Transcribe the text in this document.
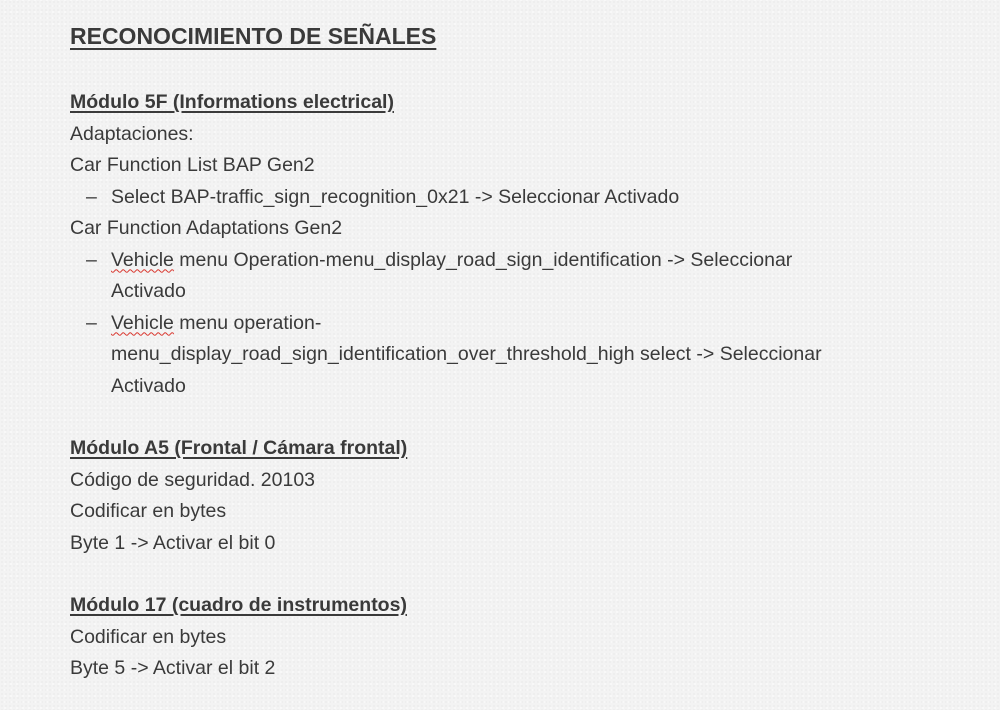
RECONOCIMIENTO DE SEÑALES
Módulo 5F (Informations electrical)
Adaptaciones:
Car Function List BAP Gen2
– Select BAP-traffic_sign_recognition_0x21 -> Seleccionar Activado
Car Function Adaptations Gen2
– Vehicle menu Operation-menu_display_road_sign_identification -> Seleccionar
Activado
– Vehicle menu operation-
menu_display_road_sign_identification_over_threshold_high select -> Seleccionar
Activado
Módulo A5 (Frontal / Cámara frontal)
Código de seguridad. 20103
Codificar en bytes
Byte 1 -> Activar el bit 0
Módulo 17 (cuadro de instrumentos)
Codificar en bytes
Byte 5 -> Activar el bit 2
